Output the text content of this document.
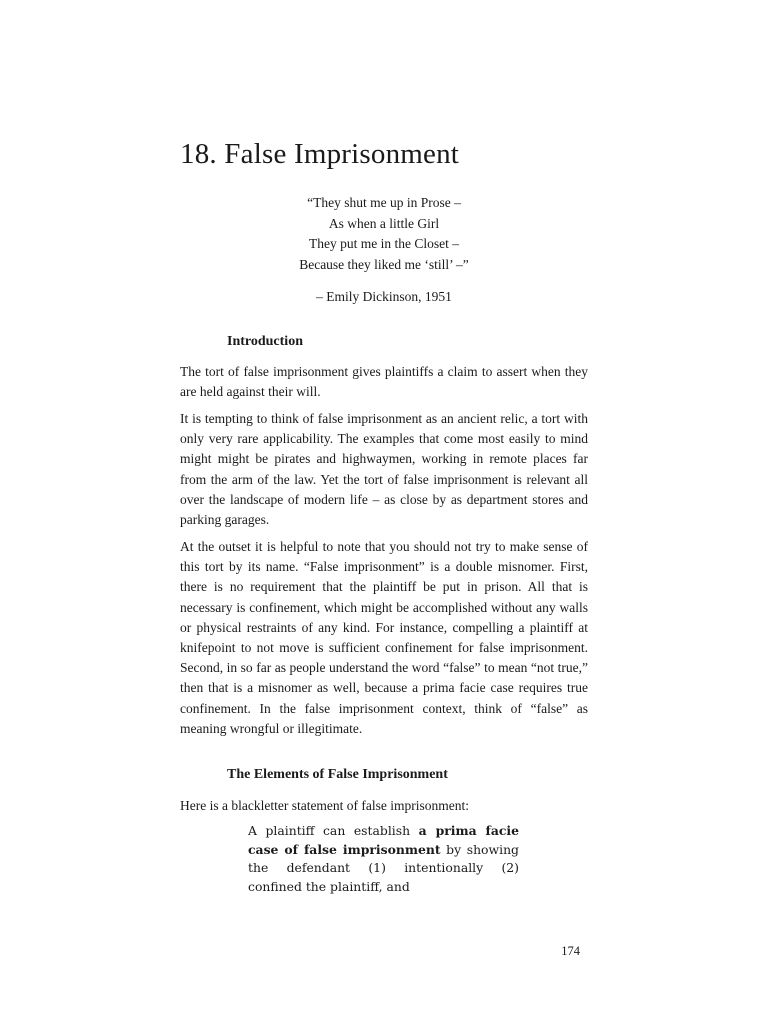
18. False Imprisonment
“They shut me up in Prose –
As when a little Girl
They put me in the Closet –
Because they liked me ‘still’ –”
– Emily Dickinson, 1951
Introduction

The tort of false imprisonment gives plaintiffs a claim to assert when they are held against their will.

It is tempting to think of false imprisonment as an ancient relic, a tort with only very rare applicability. The examples that come most easily to mind might might be pirates and highwaymen, working in remote places far from the arm of the law. Yet the tort of false imprisonment is relevant all over the landscape of modern life – as close by as department stores and parking garages.

At the outset it is helpful to note that you should not try to make sense of this tort by its name. “False imprisonment” is a double misnomer. First, there is no requirement that the plaintiff be put in prison. All that is necessary is confinement, which might be accomplished without any walls or physical restraints of any kind. For instance, compelling a plaintiff at knifepoint to not move is sufficient confinement for false imprisonment. Second, in so far as people understand the word “false” to mean “not true,” then that is a misnomer as well, because a prima facie case requires true confinement. In the false imprisonment context, think of “false” as meaning wrongful or illegitimate.

The Elements of False Imprisonment

Here is a blackletter statement of false imprisonment:

A plaintiff can establish a prima facie case of false imprisonment by showing the defendant (1) intentionally (2) confined the plaintiff, and

174
